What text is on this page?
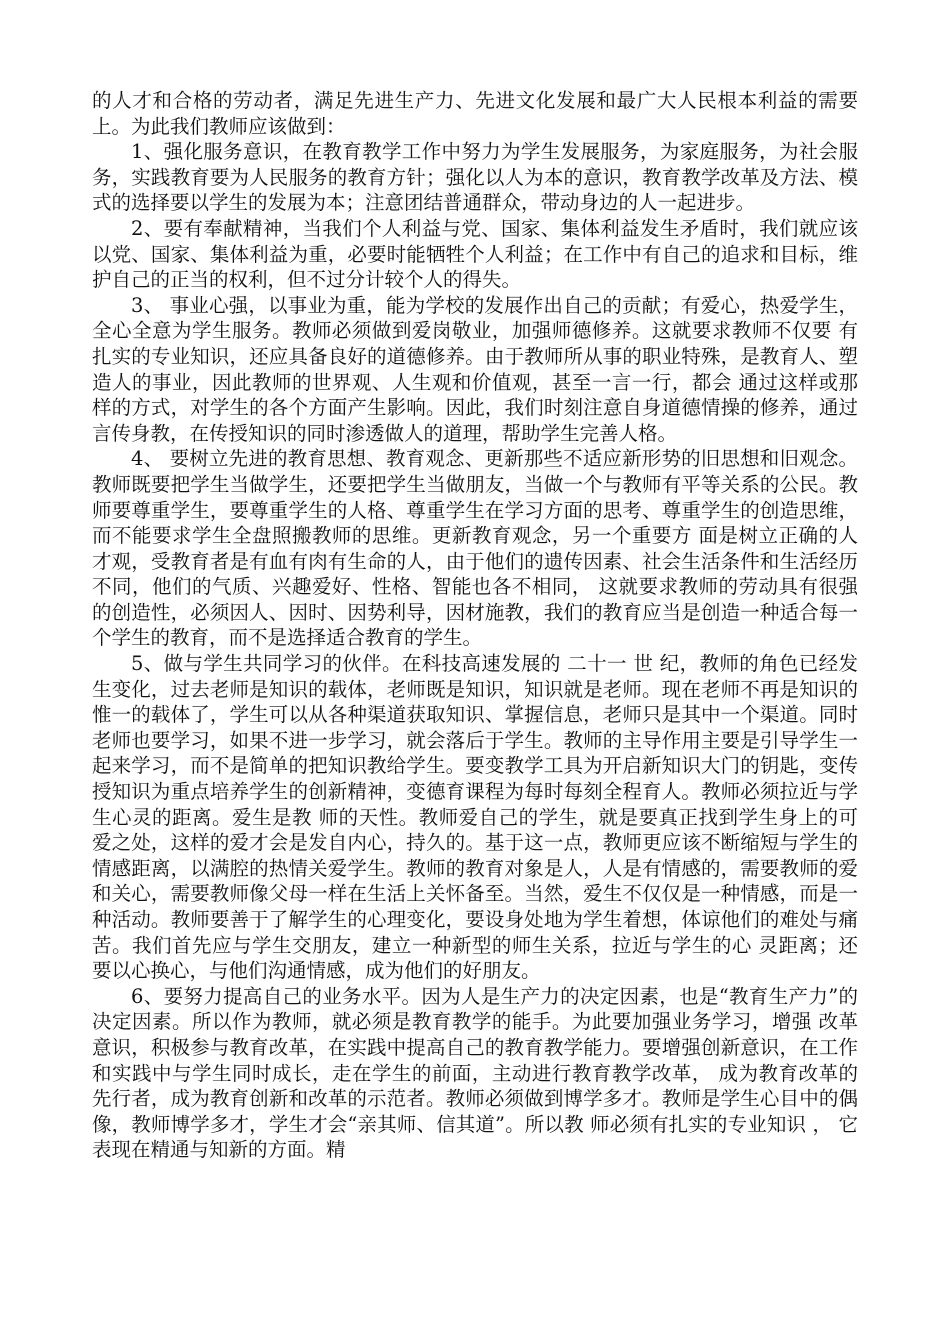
的人才和合格的劳动者，满足先进生产力、先进文化发展和最广大人民根本利益的需要上。为此我们教师应该做到：

1、强化服务意识，在教育教学工作中努力为学生发展服务，为家庭服务，为社会服务，实践教育要为人民服务的教育方针；强化以人为本的意识，教育教学改革及方法、模式的选择要以学生的发展为本；注意团结普通群众，带动身边的人一起进步。

2、要有奉献精神，当我们个人利益与党、国家、集体利益发生矛盾时，我们就应该以党、国家、集体利益为重，必要时能牺牲个人利益；在工作中有自己的追求和目标，维护自己的正当的权利，但不过分计较个人的得失。

3、 事业心强，以事业为重，能为学校的发展作出自己的贡献；有爱心，热爱学生，全心全意为学生服务。教师必须做到爱岗敬业，加强师德修养。这就要求教师不仅要 有扎实的专业知识，还应具备良好的道德修养。由于教师所从事的职业特殊，是教育人、塑造人的事业，因此教师的世界观、人生观和价值观，甚至一言一行，都会 通过这样或那样的方式，对学生的各个方面产生影响。因此，我们时刻注意自身道德情操的修养，通过言传身教，在传授知识的同时渗透做人的道理，帮助学生完善人格。

4、 要树立先进的教育思想、教育观念、更新那些不适应新形势的旧思想和旧观念。教师既要把学生当做学生，还要把学生当做朋友，当做一个与教师有平等关系的公民。教师要尊重学生，要尊重学生的人格、尊重学生在学习方面的思考、尊重学生的创造思维，而不能要求学生全盘照搬教师的思维。更新教育观念，另一个重要方 面是树立正确的人才观，受教育者是有血有肉有生命的人，由于他们的遗传因素、社会生活条件和生活经历不同，他们的气质、兴趣爱好、性格、智能也各不相同， 这就要求教师的劳动具有很强的创造性，必须因人、因时、因势利导，因材施教，我们的教育应当是创造一种适合每一个学生的教育，而不是选择适合教育的学生。

5、做与学生共同学习的伙伴。在科技高速发展的 二十一 世 纪，教师的角色已经发生变化，过去老师是知识的载体，老师既是知识，知识就是老师。现在老师不再是知识的惟一的载体了，学生可以从各种渠道获取知识、掌握信息，老师只是其中一个渠道。同时老师也要学习，如果不进一步学习，就会落后于学生。教师的主导作用主要是引导学生一起来学习，而不是简单的把知识教给学生。要变教学工具为开启新知识大门的钥匙，变传授知识为重点培养学生的创新精神，变德育课程为每时每刻全程育人。教师必须拉近与学生心灵的距离。爱生是教 师的天性。教师爱自己的学生，就是要真正找到学生身上的可爱之处，这样的爱才会是发自内心，持久的。基于这一点，教师更应该不断缩短与学生的情感距离，以满腔的热情关爱学生。教师的教育对象是人，人是有情感的，需要教师的爱和关心，需要教师像父母一样在生活上关怀备至。当然，爱生不仅仅是一种情感，而是一 种活动。教师要善于了解学生的心理变化，要设身处地为学生着想，体谅他们的难处与痛苦。我们首先应与学生交朋友，建立一种新型的师生关系，拉近与学生的心 灵距离；还要以心换心，与他们沟通情感，成为他们的好朋友。

6、要努力提高自己的业务水平。因为人是生产力的决定因素，也是“教育生产力”的决定因素。所以作为教师，就必须是教育教学的能手。为此要加强业务学习，增强 改革意识，积极参与教育改革，在实践中提高自己的教育教学能力。要增强创新意识，在工作和实践中与学生同时成长，走在学生的前面，主动进行教育教学改革， 成为教育改革的先行者，成为教育创新和改革的示范者。教师必须做到博学多才。教师是学生心目中的偶像，教师博学多才，学生才会“亲其师、信其道”。所以教 师必须有扎实的专业知识 ， 它表现在精通与知新的方面。精
